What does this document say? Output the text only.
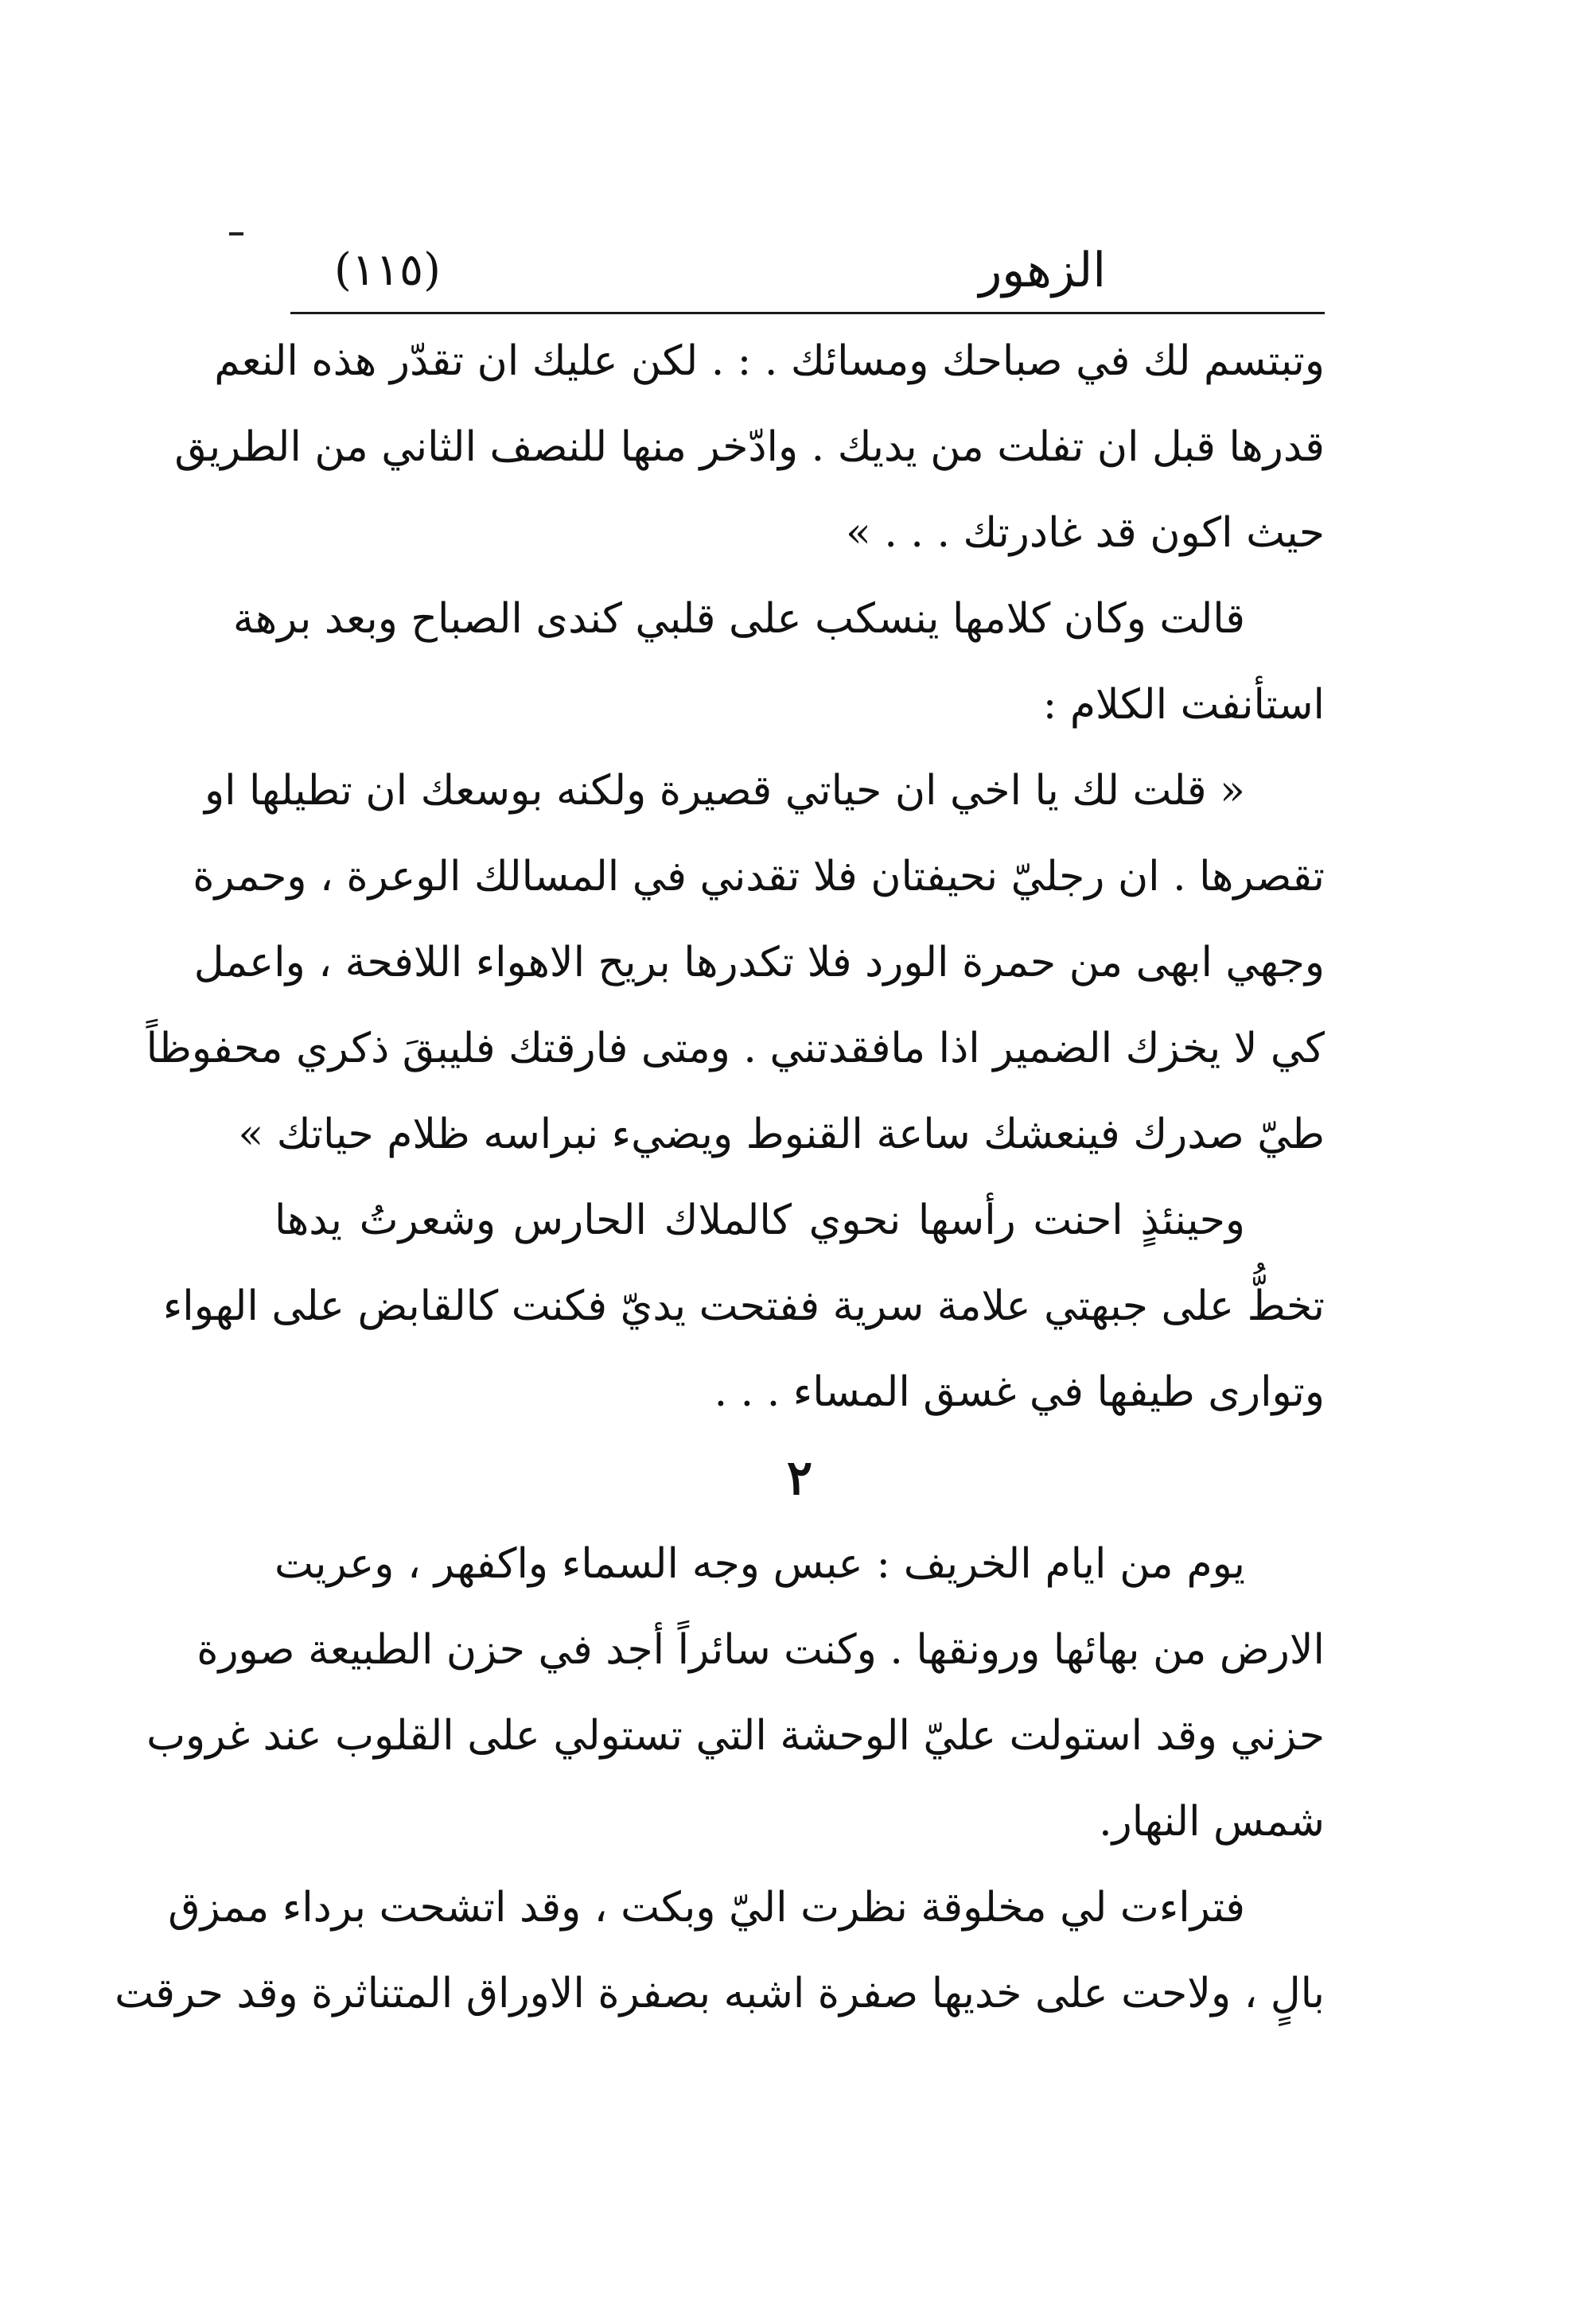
الزهور
(١١٥)
وتبتسم لك في صباحك ومسائك . : . لكن عليك ان تقدّر هذه النعم
قدرها قبل ان تفلت من يديك . وادّخر منها للنصف الثاني من الطريق
حيث اكون قد غادرتك . . . »
قالت وكان كلامها ينسكب على قلبي كندى الصباح وبعد برهة
استأنفت الكلام :
« قلت لك يا اخي ان حياتي قصيرة ولكنه بوسعك ان تطيلها او
تقصرها . ان رجليّ نحيفتان فلا تقدني في المسالك الوعرة ، وحمرة
وجهي ابهى من حمرة الورد فلا تكدرها بريح الاهواء اللافحة ، واعمل
كي لا يخزك الضمير اذا مافقدتني . ومتى فارقتك فليبقَ ذكري محفوظاً
طيّ صدرك فينعشك ساعة القنوط ويضيء نبراسه ظلام حياتك »
وحينئذٍ احنت رأسها نحوي كالملاك الحارس وشعرتُ يدها
تخطُّ على جبهتي علامة سرية ففتحت يديّ فكنت كالقابض على الهواء
وتوارى طيفها في غسق المساء . . .
٢
يوم من ايام الخريف : عبس وجه السماء واكفهر ، وعريت
الارض من بهائها ورونقها . وكنت سائراً أجد في حزن الطبيعة صورة
حزني وقد استولت عليّ الوحشة التي تستولي على القلوب عند غروب
شمس النهار.
فتراءت لي مخلوقة نظرت اليّ وبكت ، وقد اتشحت برداء ممزق
بالٍ ، ولاحت على خديها صفرة اشبه بصفرة الاوراق المتناثرة وقد حرقت
